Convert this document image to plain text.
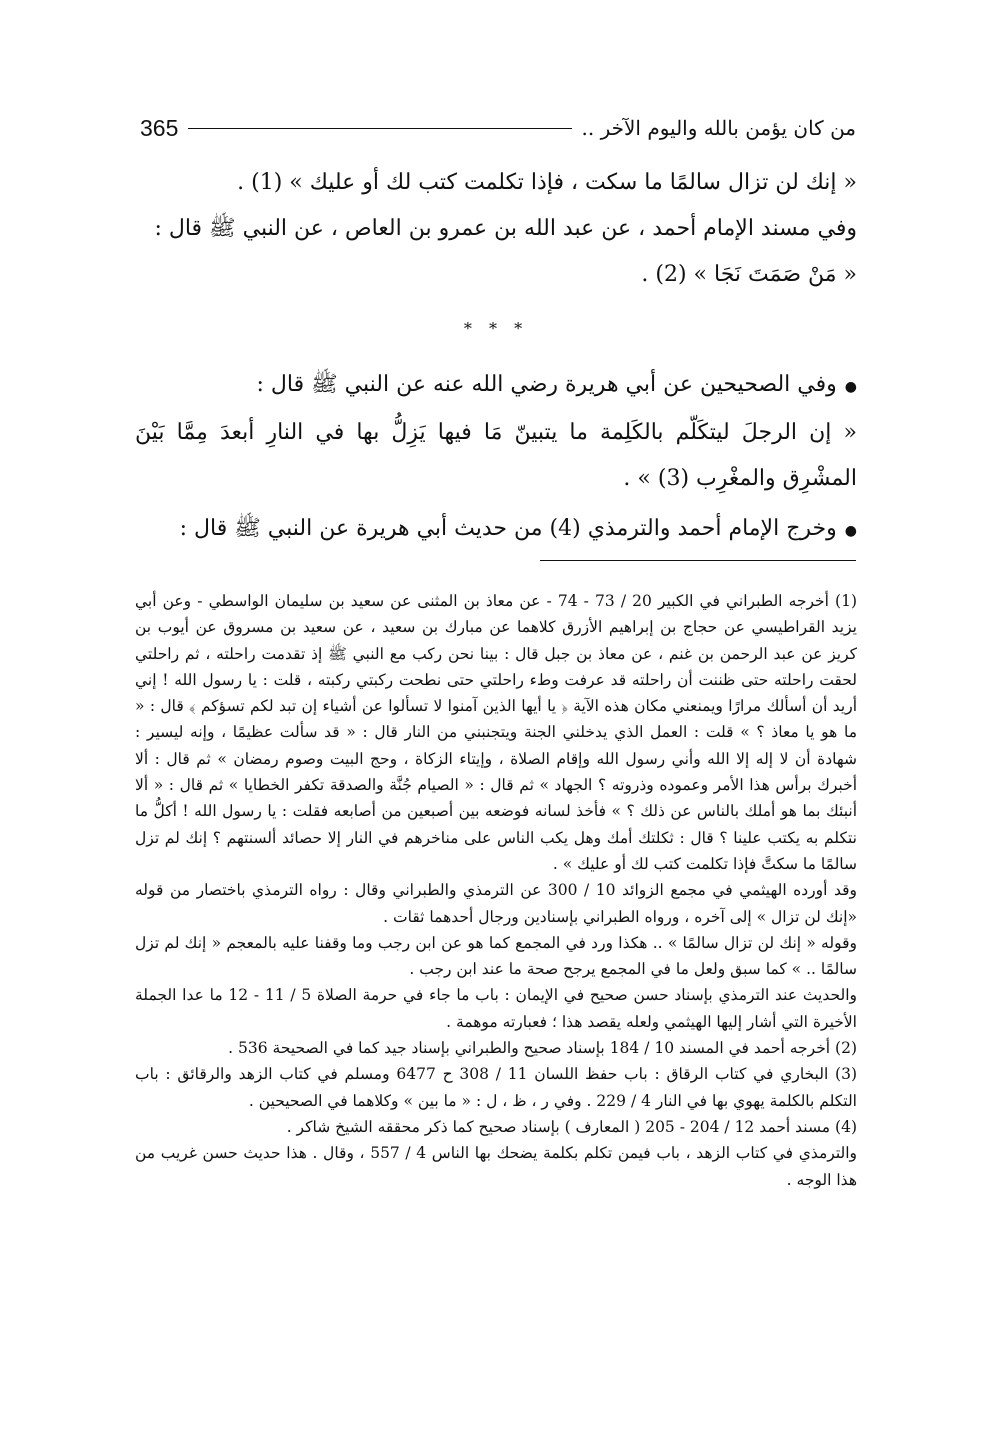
365	من كان يؤمن بالله واليوم الآخر ..

« إنك لن تزال سالمًا ما سكت ، فإذا تكلمت كتب لك أو عليك » (1) .

وفي مسند الإمام أحمد ، عن عبد الله بن عمرو بن العاص ، عن النبي ﷺ قال :

« مَنْ صَمَتَ نَجَا » (2) .

* * *

● وفي الصحيحين عن أبي هريرة رضي الله عنه عن النبي ﷺ قال :

« إن الرجلَ ليتكَلّم بالكَلِمة ما يتبينّ مَا فيها يَزِلُّ بها في النارِ أبعدَ مِمَّا بَيْنَ المشْرِق والمغْرِب (3) » .

● وخرج الإمام أحمد والترمذي (4) من حديث أبي هريرة عن النبي ﷺ قال :

(1) أخرجه الطبراني في الكبير 20 / 73 - 74 - عن معاذ بن المثنى عن سعيد بن سليمان الواسطي - وعن أبي يزيد القراطيسي عن حجاج بن إبراهيم الأزرق كلاهما عن مبارك بن سعيد ، عن سعيد بن مسروق عن أيوب بن كريز عن عبد الرحمن بن غنم ، عن معاذ بن جبل قال : بينا نحن ركب مع النبي ﷺ إذ تقدمت راحلته ، ثم راحلتي لحقت راحلته حتى ظننت أن راحلته قد عرفت وطء راحلتي حتى نطحت ركبتي ركبته ، قلت : يا رسول الله ! إني أريد أن أسألك مرارًا ويمنعني مكان هذه الآية ﴿ يا أيها الذين آمنوا لا تسألوا عن أشياء إن تبد لكم تسؤكم ﴾ قال : « ما هو يا معاذ ؟ » قلت : العمل الذي يدخلني الجنة ويتجنبني من النار قال : « قد سألت عظيمًا ، وإنه ليسير : شهادة أن لا إله إلا الله وأني رسول الله وإقام الصلاة ، وإيتاء الزكاة ، وحج البيت وصوم رمضان » ثم قال : ألا أخبرك برأس هذا الأمر وعموده وذروته ؟ الجهاد » ثم قال : « الصيام جُنَّة والصدقة تكفر الخطايا » ثم قال : « ألا أنبئك بما هو أملك بالناس عن ذلك ؟ » فأخذ لسانه فوضعه بين أصبعين من أصابعه فقلت : يا رسول الله ! أكلُّ ما نتكلم به يكتب علينا ؟ قال : ثكلتك أمك وهل يكب الناس على مناخرهم في النار إلا حصائد ألسنتهم ؟ إنك لم تزل سالمًا ما سكتَّ فإذا تكلمت كتب لك أو عليك » .

وقد أورده الهيثمي في مجمع الزوائد 10 / 300 عن الترمذي والطبراني وقال : رواه الترمذي باختصار من قوله «إنك لن تزال » إلى آخره ، ورواه الطبراني بإسنادين ورجال أحدهما ثقات .

وقوله « إنك لن تزال سالمًا » .. هكذا ورد في المجمع كما هو عن ابن رجب وما وقفنا عليه بالمعجم « إنك لم تزل سالمًا .. » كما سبق ولعل ما في المجمع يرجح صحة ما عند ابن رجب .

والحديث عند الترمذي بإسناد حسن صحيح في الإيمان : باب ما جاء في حرمة الصلاة 5 / 11 - 12 ما عدا الجملة الأخيرة التي أشار إليها الهيثمي ولعله يقصد هذا ؛ فعبارته موهمة .

(2) أخرجه أحمد في المسند 10 / 184 بإسناد صحيح والطبراني بإسناد جيد كما في الصحيحة 536 .

(3) البخاري في كتاب الرقاق : باب حفظ اللسان 11 / 308 ح 6477 ومسلم في كتاب الزهد والرقائق : باب التكلم بالكلمة يهوي بها في النار 4 / 229 . وفي ر ، ظ ، ل : « ما بين » وكلاهما في الصحيحين .

(4) مسند أحمد 12 / 204 - 205 ( المعارف ) بإسناد صحيح كما ذكر محققه الشيخ شاكر .

والترمذي في كتاب الزهد ، باب فيمن تكلم بكلمة يضحك بها الناس 4 / 557 ، وقال . هذا حديث حسن غريب من هذا الوجه .
